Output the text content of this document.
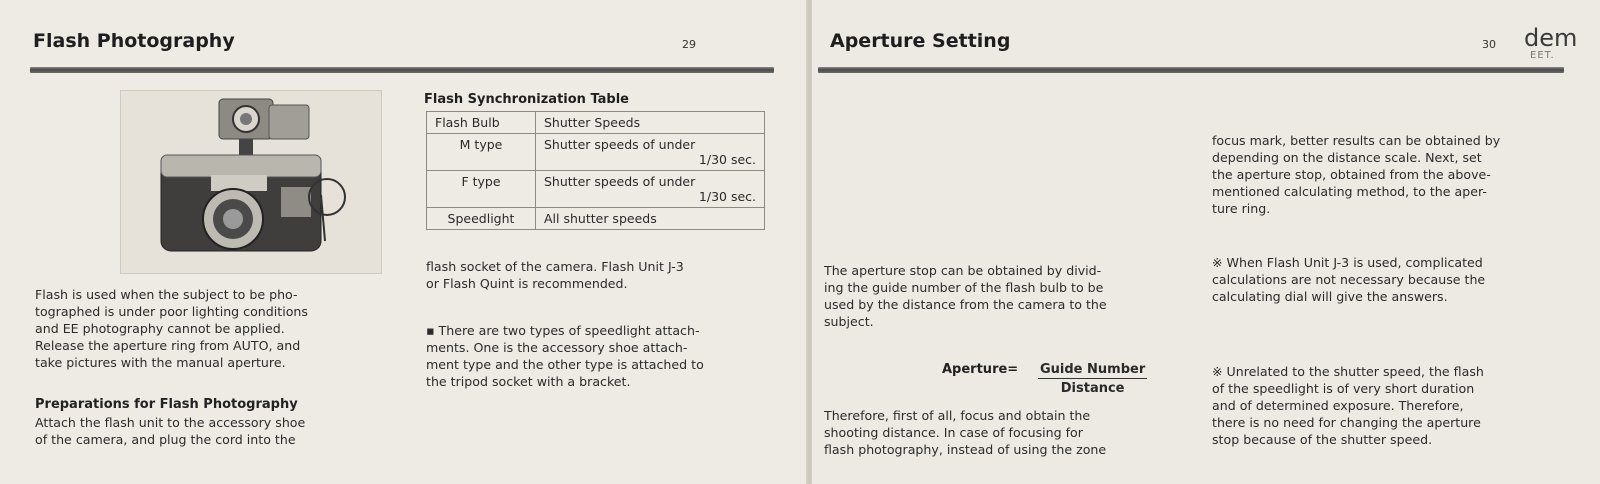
Flash Photography	29

Flash is used when the subject to be pho-
tographed is under poor lighting conditions
and EE photography cannot be applied.
Release the aperture ring from AUTO, and
take pictures with the manual aperture.

Preparations for Flash Photography

Attach the flash unit to the accessory shoe
of the camera, and plug the cord into the

Flash Synchronization Table
Flash Bulb	Shutter Speeds
M type	Shutter speeds of under
1/30 sec.

F type	Shutter speeds of under
1/30 sec.

Speedlight	All shutter speeds

flash socket of the camera. Flash Unit J-3
or Flash Quint is recommended.

▪ There are two types of speedlight attach-
ments. One is the accessory shoe attach-
ment type and the other type is attached to
the tripod socket with a bracket.

Aperture Setting	30 dem
EET.

focus mark, better results can be obtained by
depending on the distance scale. Next, set
the aperture stop, obtained from the above-
mentioned calculating method, to the aper-
ture ring.

※ When Flash Unit J-3 is used, complicated
calculations are not necessary because the
calculating dial will give the answers.

※ Unrelated to the shutter speed, the flash
of the speedlight is of very short duration
and of determined exposure. Therefore,
there is no need for changing the aperture
stop because of the shutter speed.

The aperture stop can be obtained by divid-
ing the guide number of the flash bulb to be
used by the distance from the camera to the
subject.

Aperture= Guide Number
Distance

Therefore, first of all, focus and obtain the
shooting distance. In case of focusing for
flash photography, instead of using the zone
